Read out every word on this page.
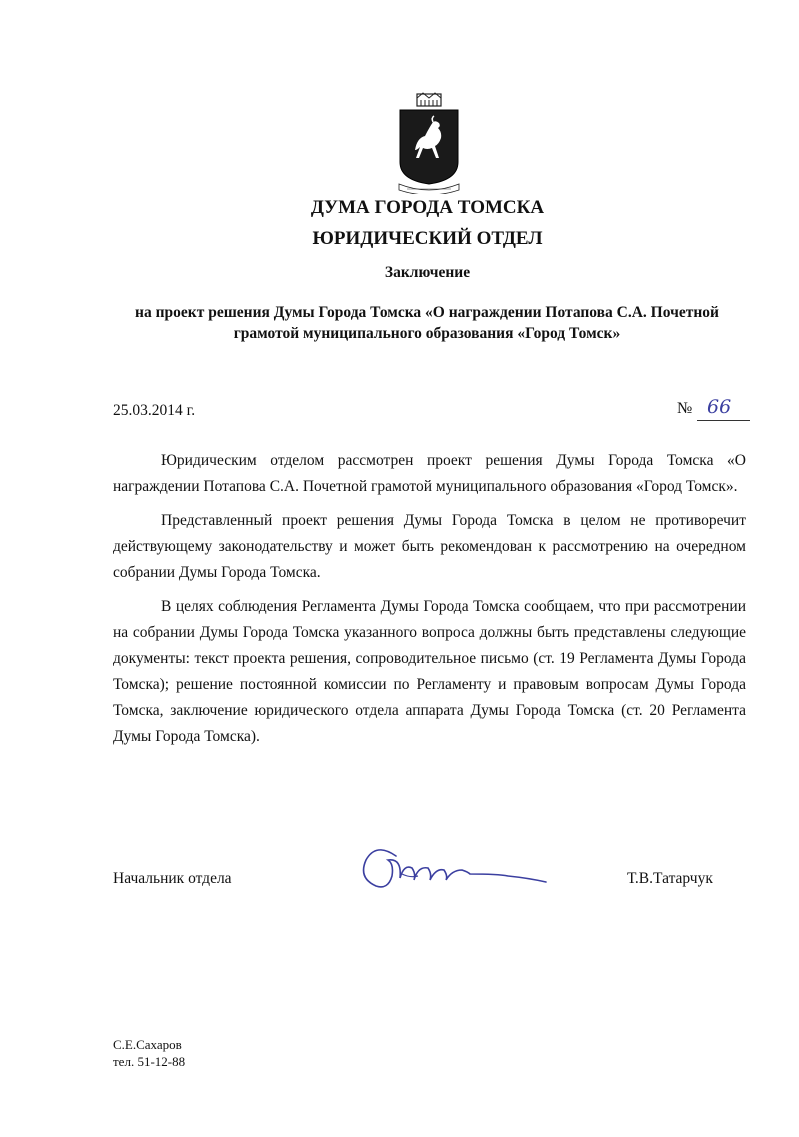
ДУМА ГОРОДА ТОМСКА
ЮРИДИЧЕСКИЙ ОТДЕЛ
Заключение
на проект решения Думы Города Томска «О награждении Потапова С.А. Почетной грамотой муниципального образования «Город Томск»
25.03.2014 г.	№ 66

Юридическим отделом рассмотрен проект решения Думы Города Томска «О награждении Потапова С.А. Почетной грамотой муниципального образования «Город Томск».

Представленный проект решения Думы Города Томска в целом не противоречит действующему законодательству и может быть рекомендован к рассмотрению на очередном собрании Думы Города Томска.

В целях соблюдения Регламента Думы Города Томска сообщаем, что при рассмотрении на собрании Думы Города Томска указанного вопроса должны быть представлены следующие документы: текст проекта решения, сопроводительное письмо (ст. 19 Регламента Думы Города Томска); решение постоянной комиссии по Регламенту и правовым вопросам Думы Города Томска, заключение юридического отдела аппарата Думы Города Томска (ст. 20 Регламента Думы Города Томска).

Начальник отдела	Т.В.Татарчук
С.Е.Сахаров
тел. 51-12-88
